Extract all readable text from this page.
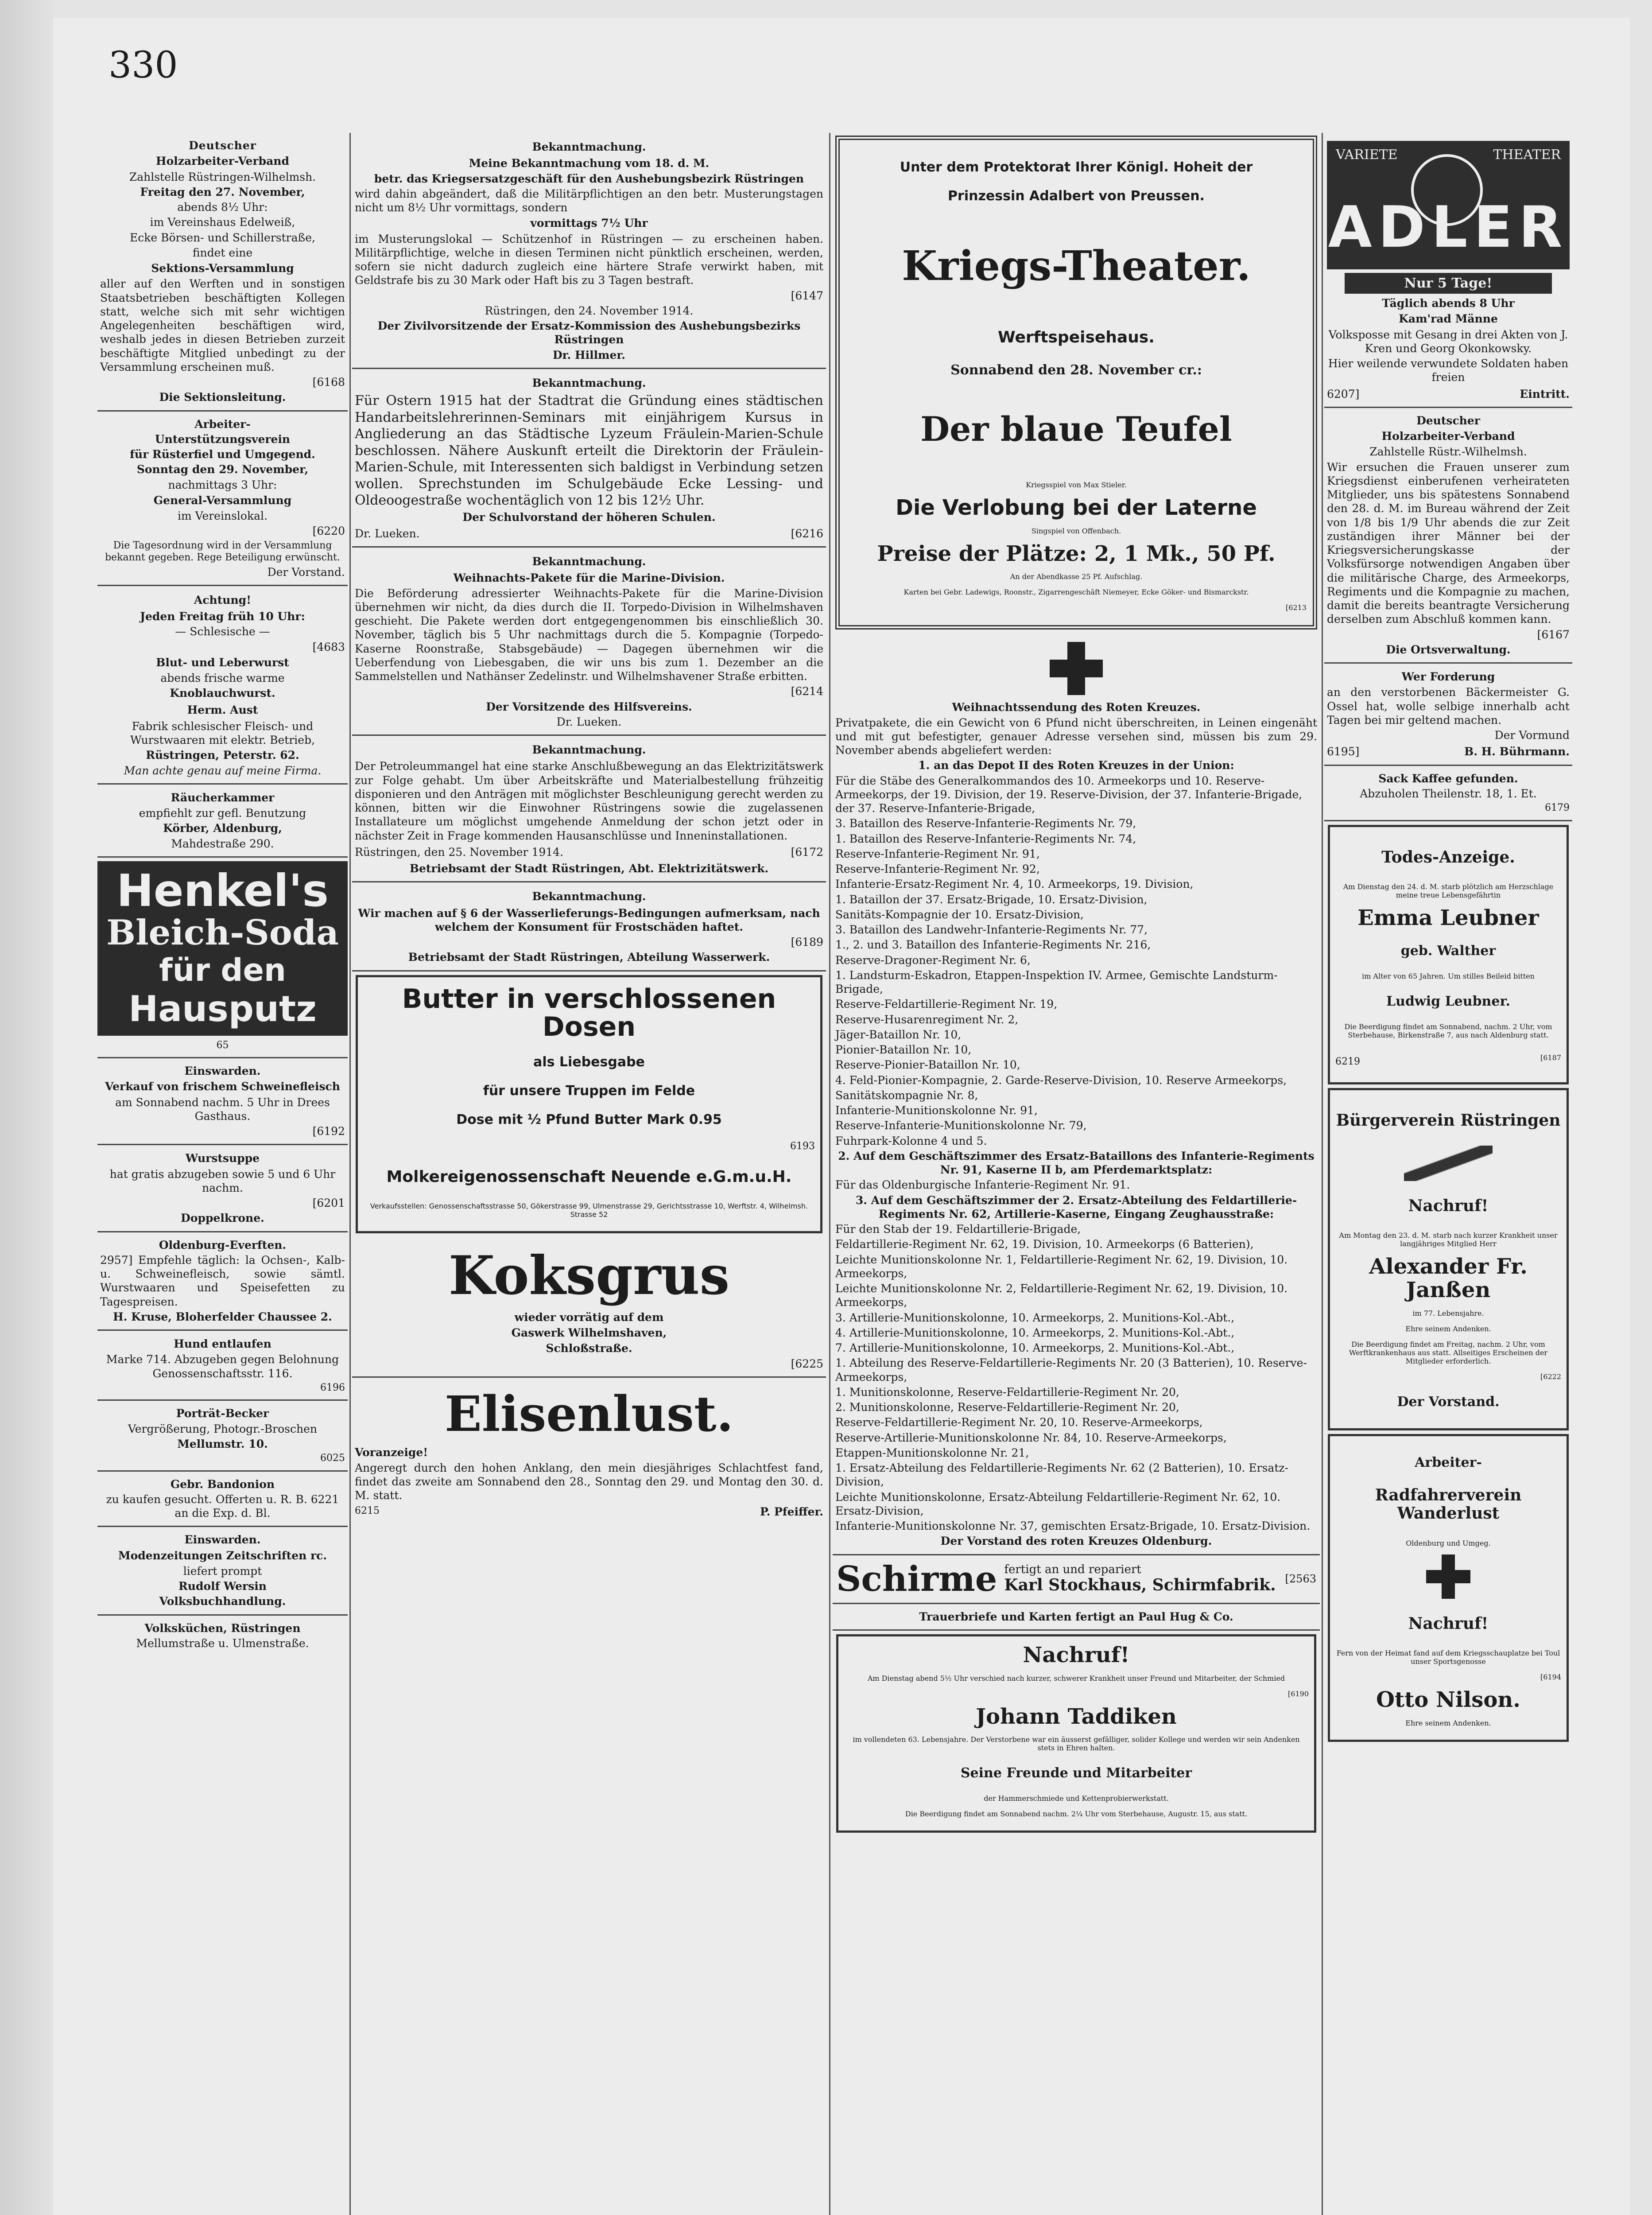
330

Deutscher

Holzarbeiter-Verband

Zahlstelle Rüstringen-Wilhelmsh.

Freitag den 27. November,

abends 8½ Uhr:

im Vereinshaus Edelweiß,

Ecke Börsen- und Schillerstraße,

findet eine

Sektions-Versammlung

aller auf den Werften und in sonstigen Staatsbetrieben beschäftigten Kollegen statt, welche sich mit sehr wichtigen Angelegenheiten beschäftigen wird, weshalb jedes in diesen Betrieben zurzeit beschäftigte Mitglied unbedingt zu der Versammlung erscheinen muß.

[6168

Die Sektionsleitung.

Arbeiter-

Unterstützungsverein

für Rüsterfiel und Umgegend.

Sonntag den 29. November,

nachmittags 3 Uhr:

General-Versammlung

im Vereinslokal.

[6220

Die Tagesordnung wird in der Versammlung bekannt gegeben. Rege Beteiligung erwünscht.

Der Vorstand.

Achtung!

Jeden Freitag früh 10 Uhr:

— Schlesische —

[4683

Blut- und Leberwurst

abends frische warme

Knoblauchwurst.

Herm. Aust

Fabrik schlesischer Fleisch- und Wurstwaaren mit elektr. Betrieb,

Rüstringen, Peterstr. 62.

Man achte genau auf meine Firma.

Räucherkammer

empfiehlt zur gefl. Benutzung

Körber, Aldenburg,

Mahdestraße 290.

Henkel's
Bleich-Soda
für den
Hausputz

65

Einswarden.

Verkauf von frischem Schweinefleisch

am Sonnabend nachm. 5 Uhr in Drees Gasthaus.

[6192

Wurstsuppe

hat gratis abzugeben sowie 5 und 6 Uhr nachm.

[6201

Doppelkrone.

Oldenburg-Everften.

2957] Empfehle täglich: la Ochsen-, Kalb- u. Schweinefleisch, sowie sämtl. Wurstwaaren und Speisefetten zu Tagespreisen.

H. Kruse, Bloherfelder Chaussee 2.

Hund entlaufen

Marke 714. Abzugeben gegen Belohnung Genossenschaftsstr. 116.

6196

Porträt-Becker

Vergrößerung, Photogr.-Broschen

Mellumstr. 10.

6025

Gebr. Bandonion

zu kaufen gesucht. Offerten u. R. B. 6221 an die Exp. d. Bl.

Einswarden.

Modenzeitungen Zeitschriften rc.

liefert prompt

Rudolf Wersin

Volksbuchhandlung.

Volksküchen, Rüstringen

Mellumstraße u. Ulmenstraße.

Bekanntmachung.

Meine Bekanntmachung vom 18. d. M.

betr. das Kriegsersatzgeschäft für den Aushebungsbezirk Rüstringen

wird dahin abgeändert, daß die Militärpflichtigen an den betr. Musterungstagen nicht um 8½ Uhr vormittags, sondern

vormittags 7½ Uhr

im Musterungslokal — Schützenhof in Rüstringen — zu erscheinen haben. Militärpflichtige, welche in diesen Terminen nicht pünktlich erscheinen, werden, sofern sie nicht dadurch zugleich eine härtere Strafe verwirkt haben, mit Geldstrafe bis zu 30 Mark oder Haft bis zu 3 Tagen bestraft.

[6147

Rüstringen, den 24. November 1914.

Der Zivilvorsitzende der Ersatz-Kommission des Aushebungsbezirks Rüstringen

Dr. Hillmer.

Bekanntmachung.

Für Ostern 1915 hat der Stadtrat die Gründung eines städtischen Handarbeitslehrerinnen-Seminars mit einjährigem Kursus in Angliederung an das Städtische Lyzeum Fräulein-Marien-Schule beschlossen. Nähere Auskunft erteilt die Direktorin der Fräulein-Marien-Schule, mit Interessenten sich baldigst in Verbindung setzen wollen. Sprechstunden im Schulgebäude Ecke Lessing- und Oldeoogestraße wochentäglich von 12 bis 12½ Uhr.

Der Schulvorstand der höheren Schulen.

Dr. Lueken.	[6216

Bekanntmachung.

Weihnachts-Pakete für die Marine-Division.

Die Beförderung adressierter Weihnachts-Pakete für die Marine-Division übernehmen wir nicht, da dies durch die II. Torpedo-Division in Wilhelmshaven geschieht. Die Pakete werden dort entgegengenommen bis einschließlich 30. November, täglich bis 5 Uhr nachmittags durch die 5. Kompagnie (Torpedo-Kaserne Roonstraße, Stabsgebäude) — Dagegen übernehmen wir die Ueberfendung von Liebesgaben, die wir uns bis zum 1. Dezember an die Sammelstellen und Nathänser Zedelinstr. und Wilhelmshavener Straße erbitten.

[6214

Der Vorsitzende des Hilfsvereins.

Dr. Lueken.

Bekanntmachung.

Der Petroleummangel hat eine starke Anschlußbewegung an das Elektrizitätswerk zur Folge gehabt. Um über Arbeitskräfte und Materialbestellung frühzeitig disponieren und den Anträgen mit möglichster Beschleunigung gerecht werden zu können, bitten wir die Einwohner Rüstringens sowie die zugelassenen Installateure um möglichst umgehende Anmeldung der schon jetzt oder in nächster Zeit in Frage kommenden Hausanschlüsse und Inneninstallationen.

Rüstringen, den 25. November 1914.	[6172

Betriebsamt der Stadt Rüstringen, Abt. Elektrizitätswerk.

Bekanntmachung.

Wir machen auf § 6 der Wasserlieferungs-Bedingungen aufmerksam, nach welchem der Konsument für Frostschäden haftet.

[6189

Betriebsamt der Stadt Rüstringen, Abteilung Wasserwerk.

Butter in verschlossenen Dosen

als Liebesgabe

für unsere Truppen im Felde

Dose mit ½ Pfund Butter Mark 0.95

6193

Molkereigenossenschaft Neuende e.G.m.u.H.

Verkaufsstellen: Genossenschaftsstrasse 50, Gökerstrasse 99, Ulmenstrasse 29, Gerichtsstrasse 10, Werftstr. 4, Wilhelmsh. Strasse 52

Koksgrus

wieder vorrätig auf dem

Gaswerk Wilhelmshaven,

Schloßstraße.

[6225

Elisenlust.

Voranzeige!

Angeregt durch den hohen Anklang, den mein diesjähriges Schlachtfest fand, findet das zweite am Sonnabend den 28., Sonntag den 29. und Montag den 30. d. M. statt.

6215	P. Pfeiffer.

Unter dem Protektorat Ihrer Königl. Hoheit der

Prinzessin Adalbert von Preussen.

Kriegs-Theater.

Werftspeisehaus.

Sonnabend den 28. November cr.:

Der blaue Teufel

Kriegsspiel von Max Stieler.

Die Verlobung bei der Laterne

Singspiel von Offenbach.

Preise der Plätze: 2, 1 Mk., 50 Pf.

An der Abendkasse 25 Pf. Aufschlag.

Karten bei Gebr. Ladewigs, Roonstr., Zigarrengeschäft Niemeyer, Ecke Göker- und Bismarckstr.

[6213

Weihnachtssendung des Roten Kreuzes.

Privatpakete, die ein Gewicht von 6 Pfund nicht überschreiten, in Leinen eingenäht und mit gut befestigter, genauer Adresse versehen sind, müssen bis zum 29. November abends abgeliefert werden:

1. an das Depot II des Roten Kreuzes in der Union:

Für die Stäbe des Generalkommandos des 10. Armeekorps und 10. Reserve-Armeekorps, der 19. Division, der 19. Reserve-Division, der 37. Infanterie-Brigade, der 37. Reserve-Infanterie-Brigade,

3. Bataillon des Reserve-Infanterie-Regiments Nr. 79,

1. Bataillon des Reserve-Infanterie-Regiments Nr. 74,

Reserve-Infanterie-Regiment Nr. 91,

Reserve-Infanterie-Regiment Nr. 92,

Infanterie-Ersatz-Regiment Nr. 4, 10. Armeekorps, 19. Division,

1. Bataillon der 37. Ersatz-Brigade, 10. Ersatz-Division,

Sanitäts-Kompagnie der 10. Ersatz-Division,

3. Bataillon des Landwehr-Infanterie-Regiments Nr. 77,

1., 2. und 3. Bataillon des Infanterie-Regiments Nr. 216,

Reserve-Dragoner-Regiment Nr. 6,

1. Landsturm-Eskadron, Etappen-Inspektion IV. Armee, Gemischte Landsturm-Brigade,

Reserve-Feldartillerie-Regiment Nr. 19,

Reserve-Husarenregiment Nr. 2,

Jäger-Bataillon Nr. 10,

Pionier-Bataillon Nr. 10,

Reserve-Pionier-Bataillon Nr. 10,

4. Feld-Pionier-Kompagnie, 2. Garde-Reserve-Division, 10. Reserve Armeekorps,

Sanitätskompagnie Nr. 8,

Infanterie-Munitionskolonne Nr. 91,

Reserve-Infanterie-Munitionskolonne Nr. 79,

Fuhrpark-Kolonne 4 und 5.

2. Auf dem Geschäftszimmer des Ersatz-Bataillons des Infanterie-Regiments Nr. 91, Kaserne II b, am Pferdemarktsplatz:

Für das Oldenburgische Infanterie-Regiment Nr. 91.

3. Auf dem Geschäftszimmer der 2. Ersatz-Abteilung des Feldartillerie-Regiments Nr. 62, Artillerie-Kaserne, Eingang Zeughausstraße:

Für den Stab der 19. Feldartillerie-Brigade,

Feldartillerie-Regiment Nr. 62, 19. Division, 10. Armeekorps (6 Batterien),

Leichte Munitionskolonne Nr. 1, Feldartillerie-Regiment Nr. 62, 19. Division, 10. Armeekorps,

Leichte Munitionskolonne Nr. 2, Feldartillerie-Regiment Nr. 62, 19. Division, 10. Armeekorps,

3. Artillerie-Munitionskolonne, 10. Armeekorps, 2. Munitions-Kol.-Abt.,

4. Artillerie-Munitionskolonne, 10. Armeekorps, 2. Munitions-Kol.-Abt.,

7. Artillerie-Munitionskolonne, 10. Armeekorps, 2. Munitions-Kol.-Abt.,

1. Abteilung des Reserve-Feldartillerie-Regiments Nr. 20 (3 Batterien), 10. Reserve-Armeekorps,

1. Munitionskolonne, Reserve-Feldartillerie-Regiment Nr. 20,

2. Munitionskolonne, Reserve-Feldartillerie-Regiment Nr. 20,

Reserve-Feldartillerie-Regiment Nr. 20, 10. Reserve-Armeekorps,

Reserve-Artillerie-Munitionskolonne Nr. 84, 10. Reserve-Armeekorps,

Etappen-Munitionskolonne Nr. 21,

1. Ersatz-Abteilung des Feldartillerie-Regiments Nr. 62 (2 Batterien), 10. Ersatz-Division,

Leichte Munitionskolonne, Ersatz-Abteilung Feldartillerie-Regiment Nr. 62, 10. Ersatz-Division,

Infanterie-Munitionskolonne Nr. 37, gemischten Ersatz-Brigade, 10. Ersatz-Division.

Der Vorstand des roten Kreuzes Oldenburg.

Schirme fertigt an und repariert
Karl Stockhaus, Schirmfabrik. [2563

Trauerbriefe und Karten fertigt an Paul Hug & Co.

Nachruf!

Am Dienstag abend 5½ Uhr verschied nach kurzer, schwerer Krankheit unser Freund und Mitarbeiter, der Schmied

[6190

Johann Taddiken

im vollendeten 63. Lebensjahre. Der Verstorbene war ein äusserst gefälliger, solider Kollege und werden wir sein Andenken stets in Ehren halten.

Seine Freunde und Mitarbeiter

der Hammerschmiede und Kettenprobierwerkstatt.

Die Beerdigung findet am Sonnabend nachm. 2¼ Uhr vom Sterbehause, Augustr. 15, aus statt.

VARIETE	THEATER
ADLER
Nur 5 Tage!

Täglich abends 8 Uhr

Kam'rad Männe

Volksposse mit Gesang in drei Akten von J. Kren und Georg Okonkowsky.

Hier weilende verwundete Soldaten haben freien

6207]	Eintritt.

Deutscher

Holzarbeiter-Verband

Zahlstelle Rüstr.-Wilhelmsh.

Wir ersuchen die Frauen unserer zum Kriegsdienst einberufenen verheirateten Mitglieder, uns bis spätestens Sonnabend den 28. d. M. im Bureau während der Zeit von 1/8 bis 1/9 Uhr abends die zur Zeit zuständigen ihrer Männer bei der Kriegsversicherungskasse der Volksfürsorge notwendigen Angaben über die militärische Charge, des Armeekorps, Regiments und die Kompagnie zu machen, damit die bereits beantragte Versicherung derselben zum Abschluß kommen kann.

[6167

Die Ortsverwaltung.

Wer Forderung

an den verstorbenen Bäckermeister G. Ossel hat, wolle selbige innerhalb acht Tagen bei mir geltend machen.

Der Vormund

6195]	B. H. Bührmann.

Sack Kaffee gefunden.

Abzuholen Theilenstr. 18, 1. Et.

6179

Todes-Anzeige.

Am Dienstag den 24. d. M. starb plötzlich am Herzschlage meine treue Lebensgefährtin

Emma Leubner

geb. Walther

im Alter von 65 Jahren. Um stilles Beileid bitten

Ludwig Leubner.

Die Beerdigung findet am Sonnabend, nachm. 2 Uhr, vom Sterbehause, Birkenstraße 7, aus nach Aldenburg statt.

6219	[6187

Bürgerverein Rüstringen

Nachruf!

Am Montag den 23. d. M. starb nach kurzer Krankheit unser langjähriges Mitglied Herr

Alexander Fr. Janßen

im 77. Lebensjahre.

Ehre seinem Andenken.

Die Beerdigung findet am Freitag, nachm. 2 Uhr, vom Werftkrankenhaus aus statt. Allseitiges Erscheinen der Mitglieder erforderlich.

[6222

Der Vorstand.

Arbeiter-

Radfahrerverein Wanderlust

Oldenburg und Umgeg.

Nachruf!

Fern von der Heimat fand auf dem Kriegsschauplatze bei Toul unser Sportsgenosse

[6194

Otto Nilson.

Ehre seinem Andenken.
